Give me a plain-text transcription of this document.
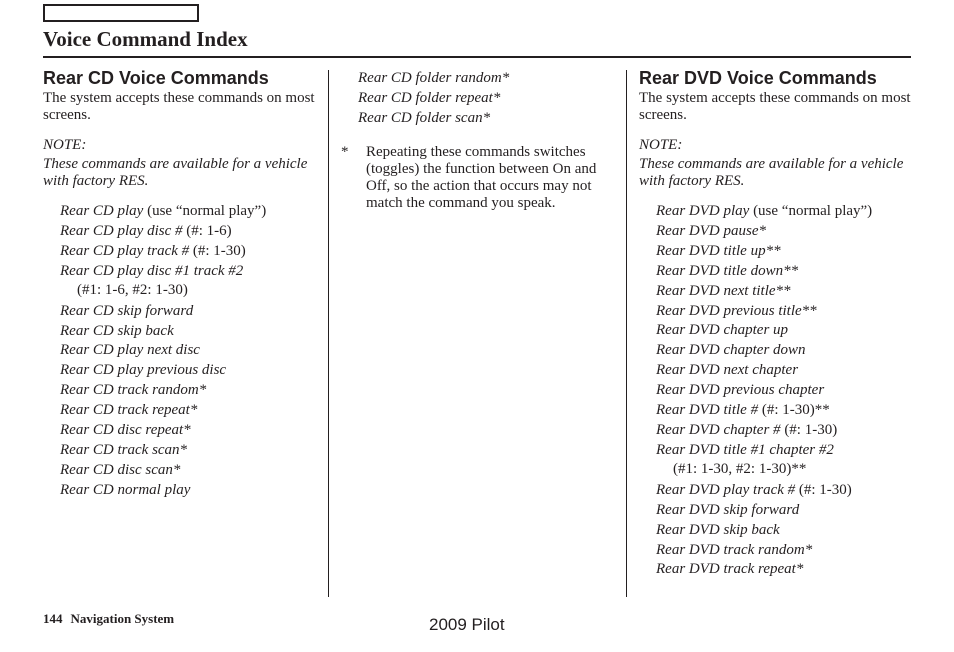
Voice Command Index
Rear CD Voice Commands

The system accepts these commands on most screens.

NOTE:
These commands are available for a vehicle with factory RES.
Rear CD play (use “normal play”)
Rear CD play disc # (#: 1-6)
Rear CD play track # (#: 1-30)
Rear CD play disc #1 track #2
(#1: 1-6, #2: 1-30)
Rear CD skip forward
Rear CD skip back
Rear CD play next disc
Rear CD play previous disc
Rear CD track random*
Rear CD track repeat*
Rear CD disc repeat*
Rear CD track scan*
Rear CD disc scan*
Rear CD normal play
Rear CD folder random*
Rear CD folder repeat*
Rear CD folder scan*
*	Repeating these commands switches (toggles) the function between On and Off, so the action that occurs may not match the command you speak.
Rear DVD Voice Commands

The system accepts these commands on most screens.

NOTE:
These commands are available for a vehicle with factory RES.
Rear DVD play (use “normal play”)
Rear DVD pause*
Rear DVD title up**
Rear DVD title down**
Rear DVD next title**
Rear DVD previous title**
Rear DVD chapter up
Rear DVD chapter down
Rear DVD next chapter
Rear DVD previous chapter
Rear DVD title # (#: 1-30)**
Rear DVD chapter # (#: 1-30)
Rear DVD title #1 chapter #2
(#1: 1-30, #2: 1-30)**
Rear DVD play track # (#: 1-30)
Rear DVD skip forward
Rear DVD skip back
Rear DVD track random*
Rear DVD track repeat*
144 Navigation System	2009 Pilot
